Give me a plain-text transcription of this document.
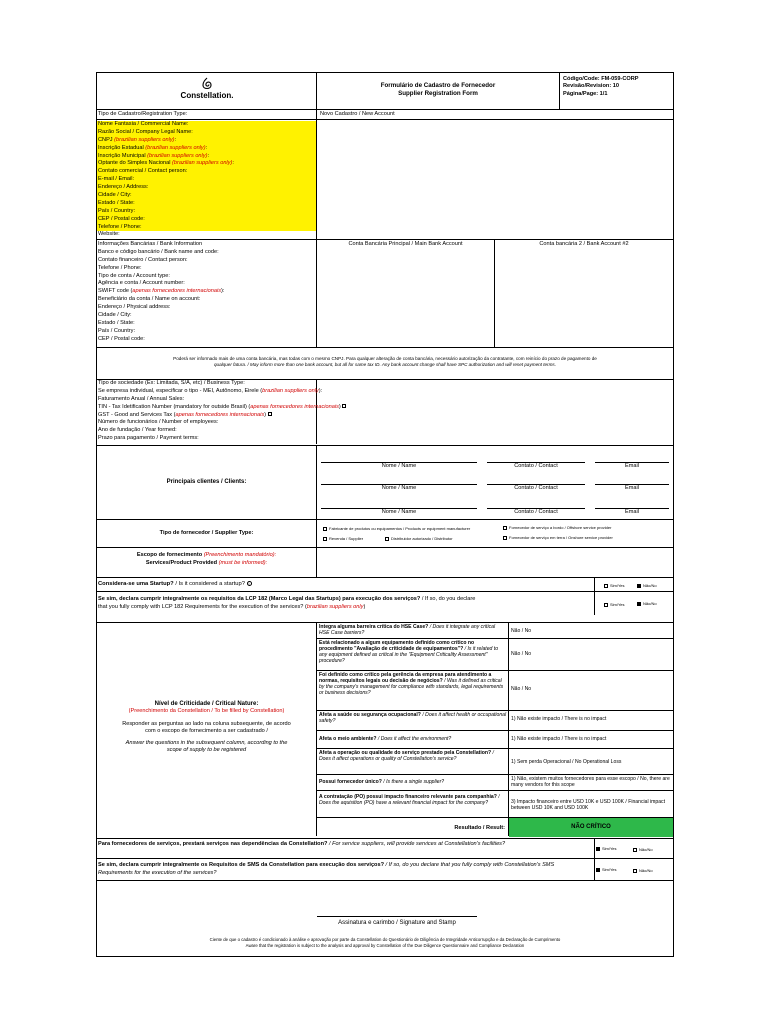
Constellation.
Formulário de Cadastro de Fornecedor
Supplier Registration Form
Código/Code: FM-059-CORP
Revisão/Revision: 10
Página/Page: 1/1
Tipo de Cadastro/Registration Type:	Novo Cadastro / New Account
Nome Fantasia / Commercial Name:
Razão Social / Company Legal Name:
CNPJ (brazilian suppliers only):
Inscrição Estadual (brazilian suppliers only):
Inscrição Municipal (brazilian suppliers only):
Optante do Simples Nacional (brazilian suppliers only):
Contato comercial / Contact person:
E-mail / Email:
Endereço / Address:
Cidade / City:
Estado / State:
País / Country:
CEP / Postal code:
Telefone / Phone:
Website:
Conta Bancária Principal / Main Bank Account	Conta bancária 2 / Bank Account #2
Informações Bancárias / Bank Information
Banco e código bancário / Bank name and code:
Contato financeiro / Contact person:
Telefone / Phone:
Tipo de conta / Account type:
Agência e conta / Account number:
SWIFT code (apenas fornecedores internacionais):
Beneficiário da conta / Name on account:
Endereço / Physical address:
Cidade / City:
Estado / State:
País / Country:
CEP / Postal code:
Poderá ser informado mais de uma conta bancária, mas todas com o mesmo CNPJ. Para qualquer alteração de conta bancária, necessário autorização da contratante, com reinício do prazo de pagamento de
qualquer fatura. / May inform more than one bank account, but all for same tax ID. Any bank account change shall have SPC authorization and will reset payment terms.
Tipo de sociedade (Ex: Limitada, S/A, etc) / Business Type:
Se empresa individual, especificar o tipo - MEI, Autônomo, Eirele (brazilian suppliers only):
Faturamento Anual / Annual Sales:
TIN - Tax Idetification Number (mandatory for outside Brasil) (apenas fornecedores internacionais)
GST - Good and Services Tax (apenas fornecedores internacionais)
Número de funcionários / Number of employees:
Ano de fundação / Year formed:
Prazo para pagamento / Payment terms:
Principais clientes / Clients:
Nome / Name	Contato / Contact	Email
Nome / Name	Contato / Contact	Email
Nome / Name	Contato / Contact	Email
Tipo de fornecedor / Supplier Type:
Fabricante de produtos ou equipamentos / Products or equipment manufacturer	Fornecedor de serviço a bordo / Offshore service provider
Revenda / Supplier	Distribuidor autorizado / Distributor	Fornecedor de serviço em terra / Onshore service provider
Escopo de fornecimento (Preenchimento mandatório):
Services/Product Provided (must be informed):
Considera-se uma Startup? / Is it considered a startup? i	Sim/Yes	Não/No
Se sim, declara cumprir integralmente os requisitos da LCP 182 (Marco Legal das Startups) para execução dos serviços? / If so, do you declare
that you fully comply with LCP 182 Requirements for the execution of the services? (brazilian suppliers only)	Sim/Yes	Não/No
Nível de Criticidade / Critical Nature:
(Preenchimento da Constellation / To be filled by Constellation)
Responder as perguntas ao lado na coluna subsequente, de acordo
com o escopo de fornecimento a ser cadastrado /
Answer the questions in the subsequent column, according to the
scope of supply to be registered
Integra alguma barreira crítica do HSE Case? / Does it integrate any critical HSE Case barriers?	Não / No
Está relacionado a algum equipamento definido como crítico no procedimento "Avaliação de criticidade de equipamentos"? / Is it related to any equipment defined as critical in the "Equipment Criticality Assessment" procedure?
Não / No
Foi definido como crítico pela gerência da empresa para atendimento a normas, requisitos legais ou decisão de negócios? / Was it defined as critical by the company's management for compliance with standards, legal requirements or business decisions?
Não / No
Afeta a saúde ou segurança ocupacional? / Does it affect health or occupational safety?	1) Não existe impacto / There is no impact
Afeta o meio ambiente? / Does it affect the environment?	1) Não existe impacto / There is no impact
Afeta a operação ou qualidade do serviço prestado pela Constellation? / Does it affect operations or quality of Constellation's service?	1) Sem perda Operacional / No Operational Loss
Possui fornecedor único? / Is there a single supplier?	1) Não, existem muitos fornecedores para esse escopo / No, there are many vendors for this scope
A contratação (PO) possui impacto financeiro relevante para companhia? / Does the aquisition (PO) have a relevant financial impact for the company?	3) Impacto financeiro entre USD 10K e USD 100K / Financial impact between USD 10K and USD 100K
Resultado / Result:	NÃO CRÍTICO
Para fornecedores de serviços, prestará serviços nas dependências da Constellation? / For service suppliers, will provide services at Constellation's facilities?
Sim/Yes	Não/No
Se sim, declara cumprir integralmente os Requisitos de SMS da Constellation para execução dos serviços? / If so, do you declare that you fully comply with Constellation's SMS Requirements for the execution of the services?
Sim/Yes	Não/No
Assinatura e carimbo / Signature and Stamp
Ciente de que o cadastro é condicionado à análise e aprovação por parte da Constellation do Questionário de Diligência de Integridade Anticorrupção e da Declaração de Cumprimento
Aware that the registration is subject to the analysis and approval by Constellation of the Due Diligence Questionnaire and Compliance Declaration
